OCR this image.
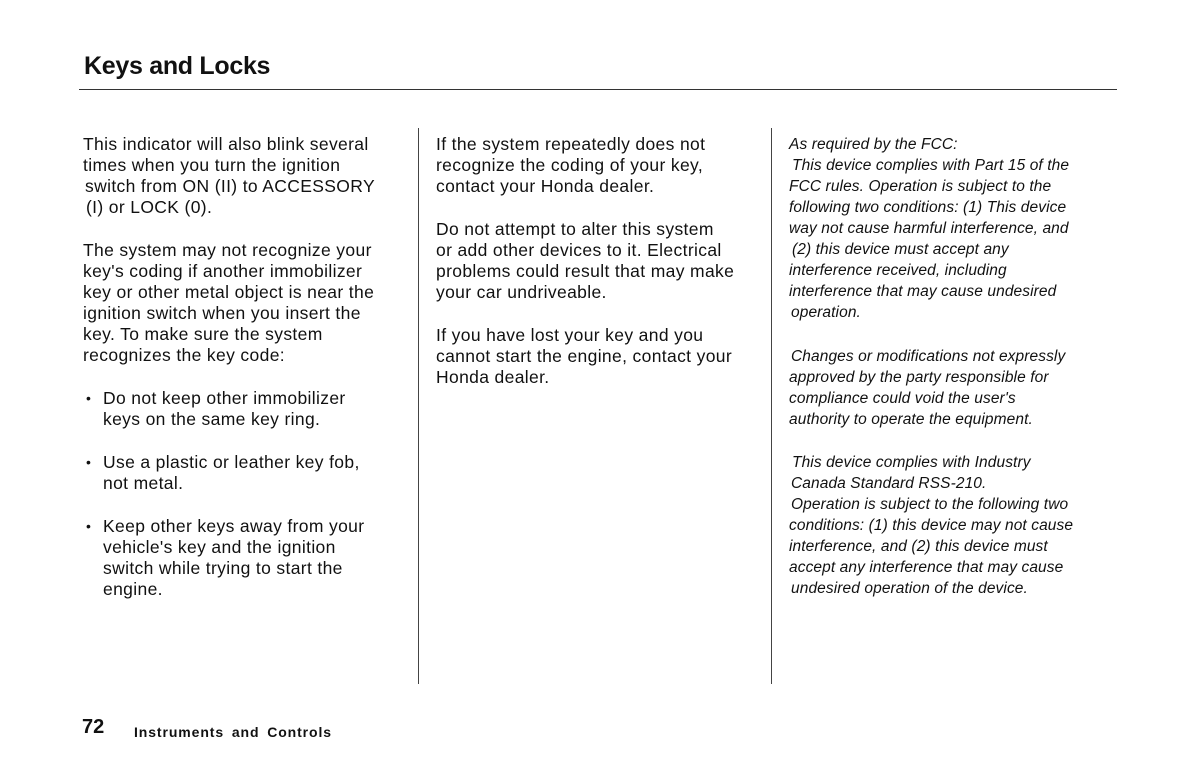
Keys and Locks
This indicator will also blink several
times when you turn the ignition
switch from ON (II) to ACCESSORY
(I) or LOCK (0).
The system may not recognize your
key's coding if another immobilizer
key or other metal object is near the
ignition switch when you insert the
key. To make sure the system
recognizes the key code:
• Do not keep other immobilizer
keys on the same key ring.
• Use a plastic or leather key fob,
not metal.
• Keep other keys away from your
vehicle's key and the ignition
switch while trying to start the
engine.
If the system repeatedly does not
recognize the coding of your key,
contact your Honda dealer.
Do not attempt to alter this system
or add other devices to it. Electrical
problems could result that may make
your car undriveable.
If you have lost your key and you
cannot start the engine, contact your
Honda dealer.
As required by the FCC:
This device complies with Part 15 of the
FCC rules. Operation is subject to the
following two conditions: (1) This device
way not cause harmful interference, and
(2) this device must accept any
interference received, including
interference that may cause undesired
operation.
Changes or modifications not expressly
approved by the party responsible for
compliance could void the user's
authority to operate the equipment.
This device complies with Industry
Canada Standard RSS-210.
Operation is subject to the following two
conditions: (1) this device may not cause
interference, and (2) this device must
accept any interference that may cause
undesired operation of the device.
72 Instruments and Controls
